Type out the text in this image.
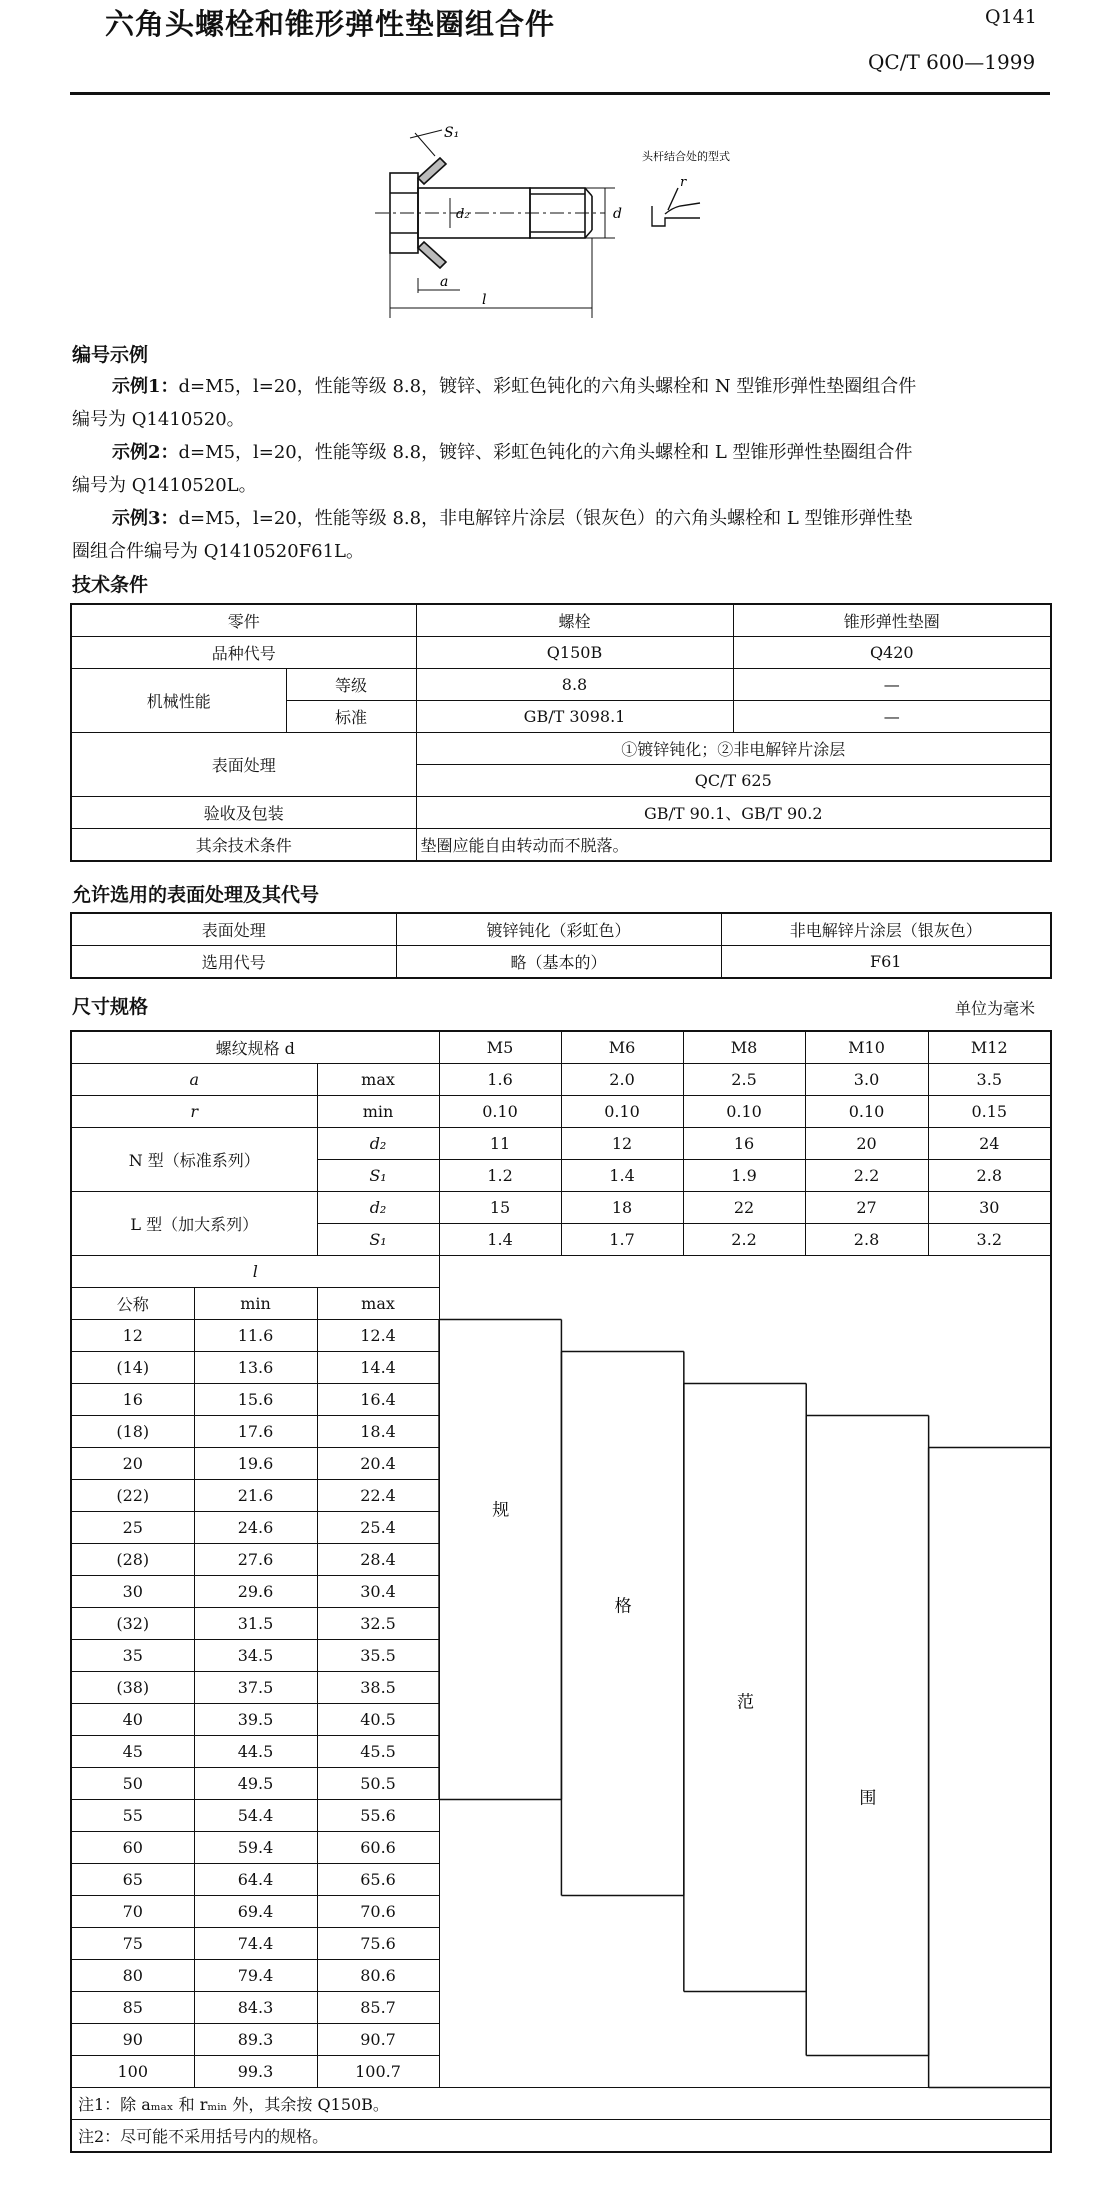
六角头螺栓和锥形弹性垫圈组合件	Q141
QC/T 600—1999
S₁
d₂	d
a
l
头杆结合处的型式
r
编号示例
示例1：d=M5，l=20，性能等级 8.8，镀锌、彩虹色钝化的六角头螺栓和 N 型锥形弹性垫圈组合件
编号为 Q1410520。
示例2：d=M5，l=20，性能等级 8.8，镀锌、彩虹色钝化的六角头螺栓和 L 型锥形弹性垫圈组合件
编号为 Q1410520L。
示例3：d=M5，l=20，性能等级 8.8，非电解锌片涂层（银灰色）的六角头螺栓和 L 型锥形弹性垫
圈组合件编号为 Q1410520F61L。
技术条件
零件		螺栓	锥形弹性垫圈
品种代号		Q150B	Q420
机械性能	等级	8.8	—
	标准	GB/T 3098.1	—
表面处理		①镀锌钝化；②非电解锌片涂层	
		QC/T 625	
验收及包装		GB/T 90.1、GB/T 90.2	
其余技术条件		垫圈应能自由转动而不脱落。	
允许选用的表面处理及其代号
表面处理	镀锌钝化（彩虹色）	非电解锌片涂层（银灰色）
选用代号	略（基本的）	F61
尺寸规格	单位为毫米
螺纹规格 d			M5	M6	M8	M10	M12
a		max	1.6	2.0	2.5	3.0	3.5
r		min	0.10	0.10	0.10	0.10	0.15
N 型（标准系列）		d₂	11	12	16	20	24
		S₁	1.2	1.4	1.9	2.2	2.8
L 型（加大系列）		d₂	15	18	22	27	30
		S₁	1.4	1.7	2.2	2.8	3.2
l							
公称	min	max					
12	11.6	12.4					
(14)	13.6	14.4					
16	15.6	16.4					
(18)	17.6	18.4					
20	19.6	20.4					
(22)	21.6	22.4					
25	24.6	25.4					
(28)	27.6	28.4					
30	29.6	30.4					
(32)	31.5	32.5					
35	34.5	35.5					
(38)	37.5	38.5					
40	39.5	40.5					
45	44.5	45.5					
50	49.5	50.5					
55	54.4	55.6					
60	59.4	60.6					
65	64.4	65.6					
70	69.4	70.6					
75	74.4	75.6					
80	79.4	80.6					
85	84.3	85.7					
90	89.3	90.7					
100	99.3	100.7					
注1：除 aₘₐₓ 和 rₘᵢₙ 外，其余按 Q150B。							
注2：尽可能不采用括号内的规格。							
规
格
范
围
